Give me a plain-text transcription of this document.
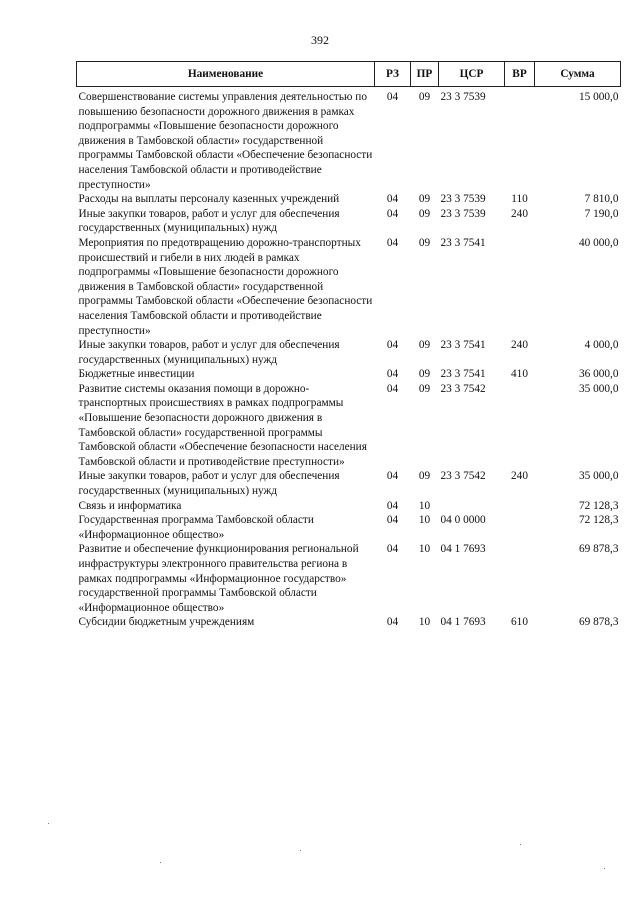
392
Наименование	РЗ	ПР	ЦСР	ВР	Сумма
Совершенствование системы управления деятельностью по повышению безопасности дорожного движения в рамках подпрограммы «Повышение безопасности дорожного движения в Тамбовской области» государственной программы Тамбовской области «Обеспечение безопасности населения Тамбовской области и противодействие преступности»	04	09	23 3 7539		15 000,0
Расходы на выплаты персоналу казенных учреждений	04	09	23 3 7539	110	7 810,0
Иные закупки товаров, работ и услуг для обеспечения государственных (муниципальных) нужд	04	09	23 3 7539	240	7 190,0
Мероприятия по предотвращению дорожно-транспортных происшествий и гибели в них людей в рамках подпрограммы «Повышение безопасности дорожного движения в Тамбовской области» государственной программы Тамбовской области «Обеспечение безопасности населения Тамбовской области и противодействие преступности»	04	09	23 3 7541		40 000,0
Иные закупки товаров, работ и услуг для обеспечения государственных (муниципальных) нужд	04	09	23 3 7541	240	4 000,0
Бюджетные инвестиции	04	09	23 3 7541	410	36 000,0
Развитие системы оказания помощи в дорожно-транспортных происшествиях в рамках подпрограммы «Повышение безопасности дорожного движения в Тамбовской области» государственной программы Тамбовской области «Обеспечение безопасности населения Тамбовской области и противодействие преступности»	04	09	23 3 7542		35 000,0
Иные закупки товаров, работ и услуг для обеспечения государственных (муниципальных) нужд	04	09	23 3 7542	240	35 000,0
Связь и информатика	04	10			72 128,3
Государственная программа Тамбовской области «Информационное общество»	04	10	04 0 0000		72 128,3
Развитие и обеспечение функционирования региональной инфраструктуры электронного правительства региона в рамках подпрограммы «Информационное государство» государственной программы Тамбовской области «Информационное общество»	04	10	04 1 7693		69 878,3
Субсидии бюджетным учреждениям	04	10	04 1 7693	610	69 878,3
